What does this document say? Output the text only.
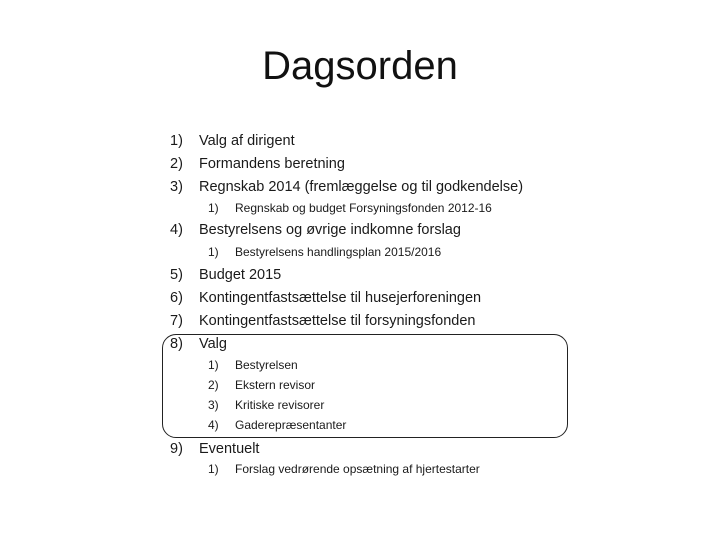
Dagsorden
1) Valg af dirigent
2) Formandens beretning
3) Regnskab 2014 (fremlæggelse og til godkendelse)
1) Regnskab og budget Forsyningsfonden 2012-16
4) Bestyrelsens og øvrige indkomne forslag
1) Bestyrelsens handlingsplan 2015/2016
5) Budget 2015
6) Kontingentfastsættelse til husejerforeningen
7) Kontingentfastsættelse til forsyningsfonden
8) Valg
1) Bestyrelsen
2) Ekstern revisor
3) Kritiske revisorer
4) Gaderepræsentanter
9) Eventuelt
1) Forslag vedrørende opsætning af hjertestarter
